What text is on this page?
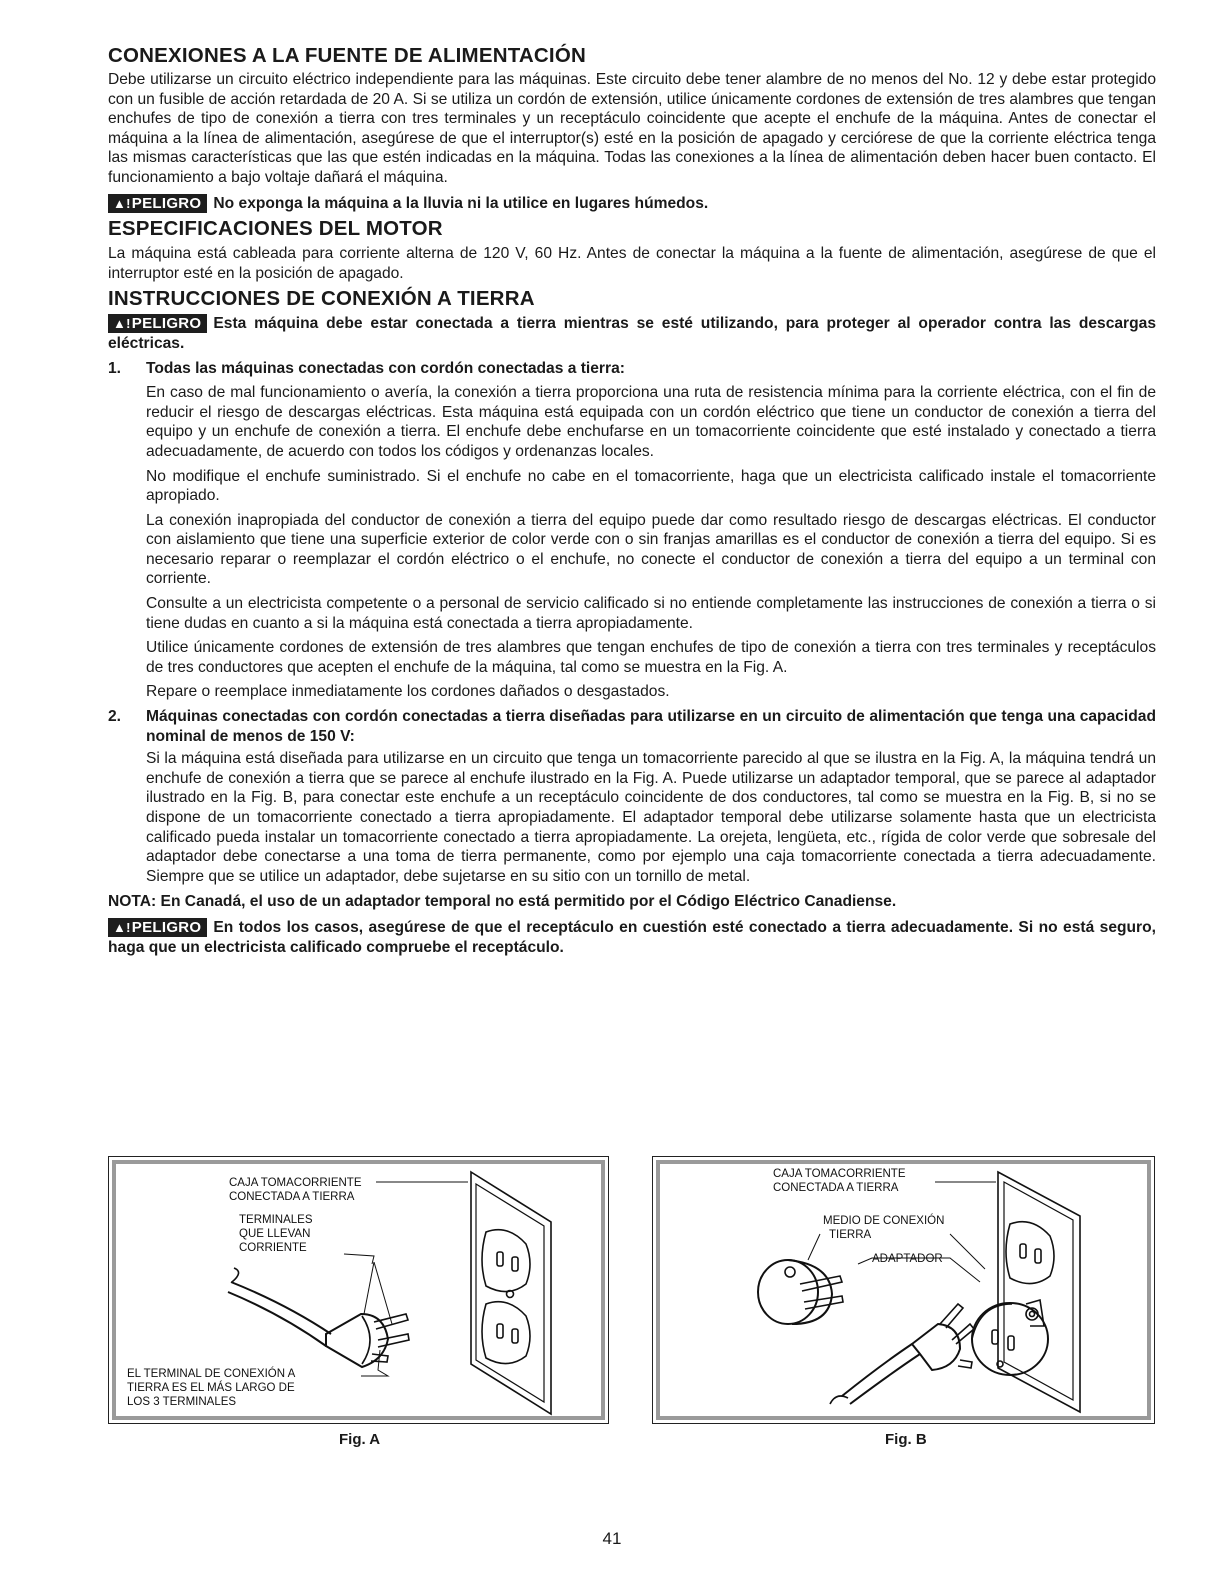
CONEXIONES A LA FUENTE DE ALIMENTACIÓN

Debe utilizarse un circuito eléctrico independiente para las máquinas. Este circuito debe tener alambre de no menos del No. 12 y debe estar protegido con un fusible de acción retardada de 20 A. Si se utiliza un cordón de extensión, utilice únicamente cordones de extensión de tres alambres que tengan enchufes de tipo de conexión a tierra con tres terminales y un receptáculo coincidente que acepte el enchufe de la máquina. Antes de conectar el máquina a la línea de alimentación, asegúrese de que el interruptor(s) esté en la posición de apagado y cerciórese de que la corriente eléctrica tenga las mismas características que las que estén indicadas en la máquina. Todas las conexiones a la línea de alimentación deben hacer buen contacto. El funcionamiento a bajo voltaje dañará el máquina.

▲!PELIGRO No exponga la máquina a la lluvia ni la utilice en lugares húmedos.
ESPECIFICACIONES DEL MOTOR

La máquina está cableada para corriente alterna de 120 V, 60 Hz. Antes de conectar la máquina a la fuente de alimentación, asegúrese de que el interruptor esté en la posición de apagado.

INSTRUCCIONES DE CONEXIÓN A TIERRA
▲!PELIGRO Esta máquina debe estar conectada a tierra mientras se esté utilizando, para proteger al operador contra las descargas eléctricas.
1.	Todas las máquinas conectadas con cordón conectadas a tierra:

En caso de mal funcionamiento o avería, la conexión a tierra proporciona una ruta de resistencia mínima para la corriente eléctrica, con el fin de reducir el riesgo de descargas eléctricas. Esta máquina está equipada con un cordón eléctrico que tiene un conductor de conexión a tierra del equipo y un enchufe de conexión a tierra. El enchufe debe enchufarse en un tomacorriente coincidente que esté instalado y conectado a tierra adecuadamente, de acuerdo con todos los códigos y ordenanzas locales.

No modifique el enchufe suministrado. Si el enchufe no cabe en el tomacorriente, haga que un electricista calificado instale el tomacorriente apropiado.

La conexión inapropiada del conductor de conexión a tierra del equipo puede dar como resultado riesgo de descargas eléctricas. El conductor con aislamiento que tiene una superficie exterior de color verde con o sin franjas amarillas es el conductor de conexión a tierra del equipo. Si es necesario reparar o reemplazar el cordón eléctrico o el enchufe, no conecte el conductor de conexión a tierra del equipo a un terminal con corriente.

Consulte a un electricista competente o a personal de servicio calificado si no entiende completamente las instrucciones de conexión a tierra o si tiene dudas en cuanto a si la máquina está conectada a tierra apropiadamente.

Utilice únicamente cordones de extensión de tres alambres que tengan enchufes de tipo de conexión a tierra con tres terminales y receptáculos de tres conductores que acepten el enchufe de la máquina, tal como se muestra en la Fig. A.

Repare o reemplace inmediatamente los cordones dañados o desgastados.

2.	Máquinas conectadas con cordón conectadas a tierra diseñadas para utilizarse en un circuito de alimentación que tenga una capacidad nominal de menos de 150 V:

Si la máquina está diseñada para utilizarse en un circuito que tenga un tomacorriente parecido al que se ilustra en la Fig. A, la máquina tendrá un enchufe de conexión a tierra que se parece al enchufe ilustrado en la Fig. A. Puede utilizarse un adaptador temporal, que se parece al adaptador ilustrado en la Fig. B, para conectar este enchufe a un receptáculo coincidente de dos conductores, tal como se muestra en la Fig. B, si no se dispone de un tomacorriente conectado a tierra apropiadamente. El adaptador temporal debe utilizarse solamente hasta que un electricista calificado pueda instalar un tomacorriente conectado a tierra apropiadamente. La orejeta, lengüeta, etc., rígida de color verde que sobresale del adaptador debe conectarse a una toma de tierra permanente, como por ejemplo una caja tomacorriente conectada a tierra adecuadamente. Siempre que se utilice un adaptador, debe sujetarse en su sitio con un tornillo de metal.

NOTA: En Canadá, el uso de un adaptador temporal no está permitido por el Código Eléctrico Canadiense.
▲!PELIGRO En todos los casos, asegúrese de que el receptáculo en cuestión esté conectado a tierra adecuadamente. Si no está seguro, haga que un electricista calificado compruebe el receptáculo.
CAJA TOMACORRIENTE
CONECTADA A TIERRA
TERMINALES
QUE LLEVAN
CORRIENTE
EL TERMINAL DE CONEXIÓN A
TIERRA ES EL MÁS LARGO DE
LOS 3 TERMINALES
Fig. A
CAJA TOMACORRIENTE
CONECTADA A TIERRA
MEDIO DE CONEXIÓN
TIERRA
ADAPTADOR
Fig. B
41
